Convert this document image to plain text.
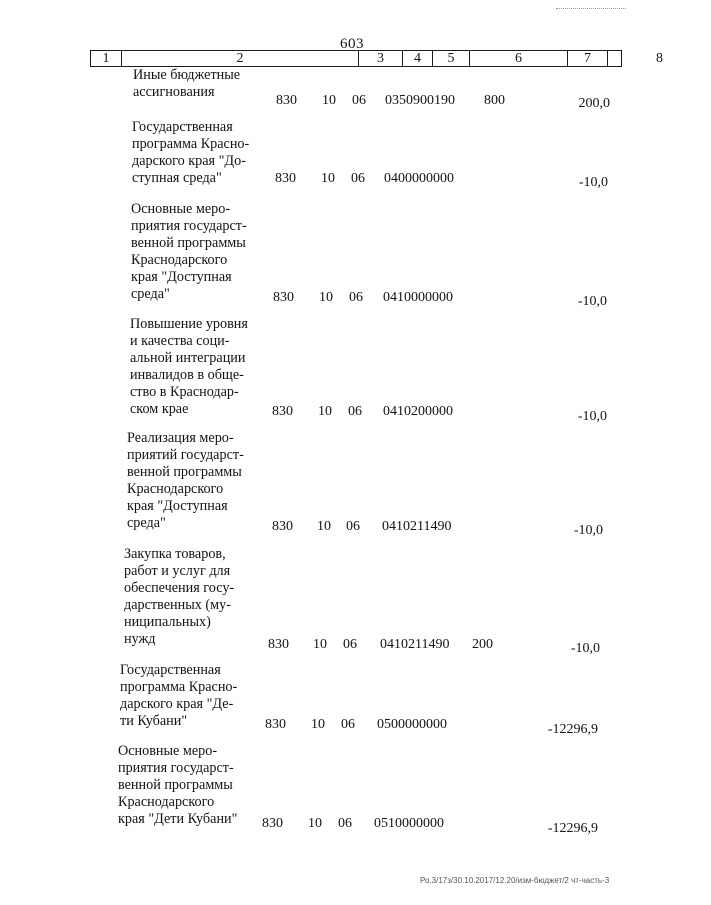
603
1	2	3	4	5	6	7	8
Иные бюджетные
ассигнования
830 10 06 0350900190 800	200,0
Государственная
программа Красно-
дарского края "До-
ступная среда"	830 10 06 0400000000	-10,0
Основные меро-
приятия государст-
венной программы
Краснодарского
края "Доступная
среда"	830 10 06 0410000000	-10,0
Повышение уровня
и качества соци-
альной интеграции
инвалидов в обще-
ство в Краснодар-
ском крае	830 10 06 0410200000	-10,0
Реализация меро-
приятий государст-
венной программы
Краснодарского
края "Доступная
среда"	830 10 06 0410211490	-10,0
Закупка товаров,
работ и услуг для
обеспечения госу-
дарственных (му-
ниципальных)
нужд	830 10 06 0410211490 200	-10,0
Государственная
программа Красно-
дарского края "Де-
ти Кубани"	830 10 06 0500000000	-12296,9
Основные меро-
приятия государст-
венной программы
Краснодарского
края "Дети Кубани"	830 10 06 0510000000	-12296,9
Ро.3/17з/30.10.2017/12.20/изм-бюджет/2 чт-часть-3
